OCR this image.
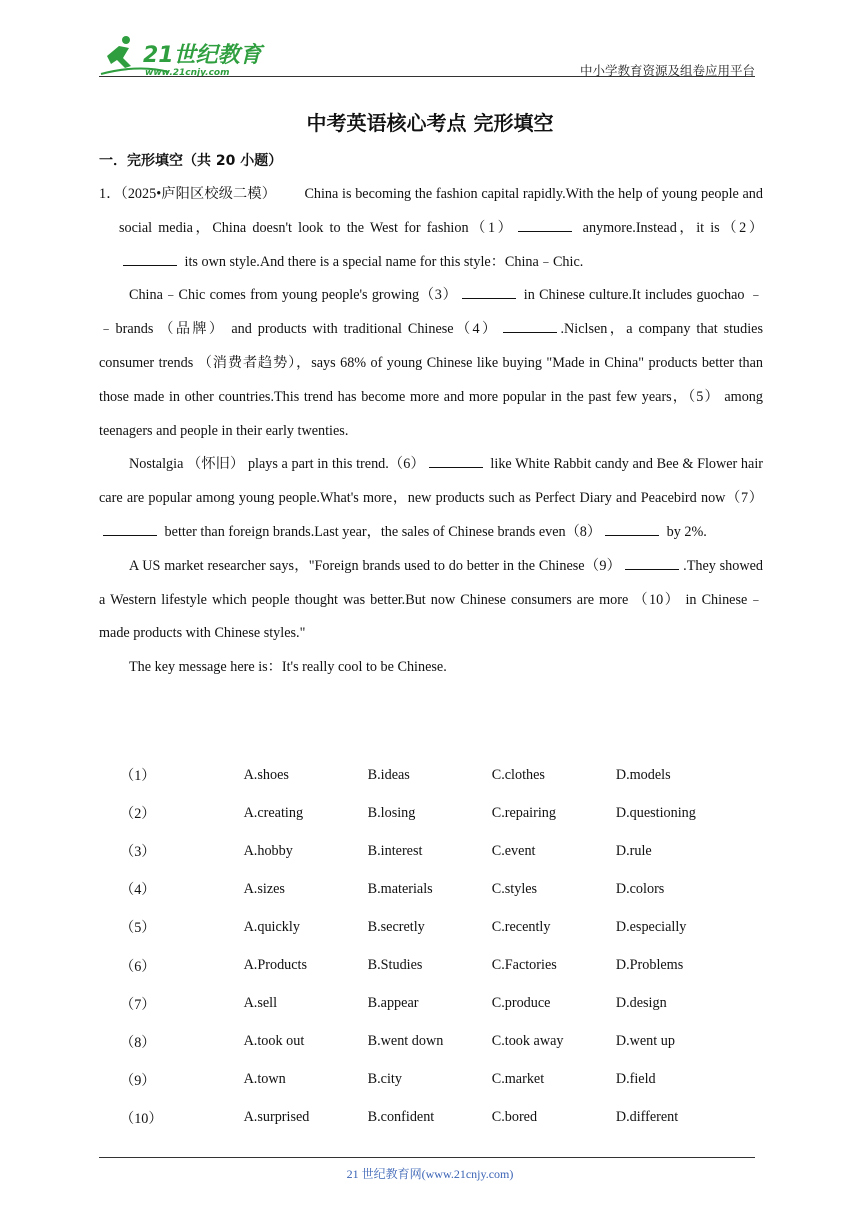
21世纪教育
www.21cnjy.com	中小学教育资源及组卷应用平台
中考英语核心考点 完形填空
一．完形填空（共 20 小题）

1．（2025•庐阳区校级二模）  China is becoming the fashion capital rapidly.With the help of young people and social media，China doesn't look to the West for fashion（1）	anymore.Instead，it is（2） its own style.And there is a special name for this style：China﹣Chic.

China﹣Chic comes from young people's growing（3）	in Chinese culture.It includes guochao ﹣﹣brands （品牌） and products with traditional Chinese（4）	.Niclsen，a company that studies consumer trends （消费者趋势），says 68% of young Chinese like buying "Made in China" products better than those made in other countries.This trend has become more and more popular in the past few years，（5） among teenagers and people in their early twenties.

Nostalgia （怀旧） plays a part in this trend.（6）	like White Rabbit candy and Bee & Flower hair care are popular among young people.What's more，new products such as Perfect Diary and Peacebird now（7） better than foreign brands.Last year，the sales of Chinese brands even（8）	by 2%.

A US market researcher says，"Foreign brands used to do better in the Chinese（9）	.They showed a Western lifestyle which people thought was better.But now Chinese consumers are more （10） in Chinese﹣made products with Chinese styles."

The key message here is：It's really cool to be Chinese.

（1）	A.shoes	B.ideas	C.clothes	D.models
（2）	A.creating	B.losing	C.repairing	D.questioning
（3）	A.hobby	B.interest	C.event	D.rule
（4）	A.sizes	B.materials	C.styles	D.colors
（5）	A.quickly	B.secretly	C.recently	D.especially
（6）	A.Products	B.Studies	C.Factories	D.Problems
（7）	A.sell	B.appear	C.produce	D.design
（8）	A.took out	B.went down	C.took away	D.went up
（9）	A.town	B.city	C.market	D.field
（10）	A.surprised	B.confident	C.bored	D.different
21 世纪教育网(www.21cnjy.com)
